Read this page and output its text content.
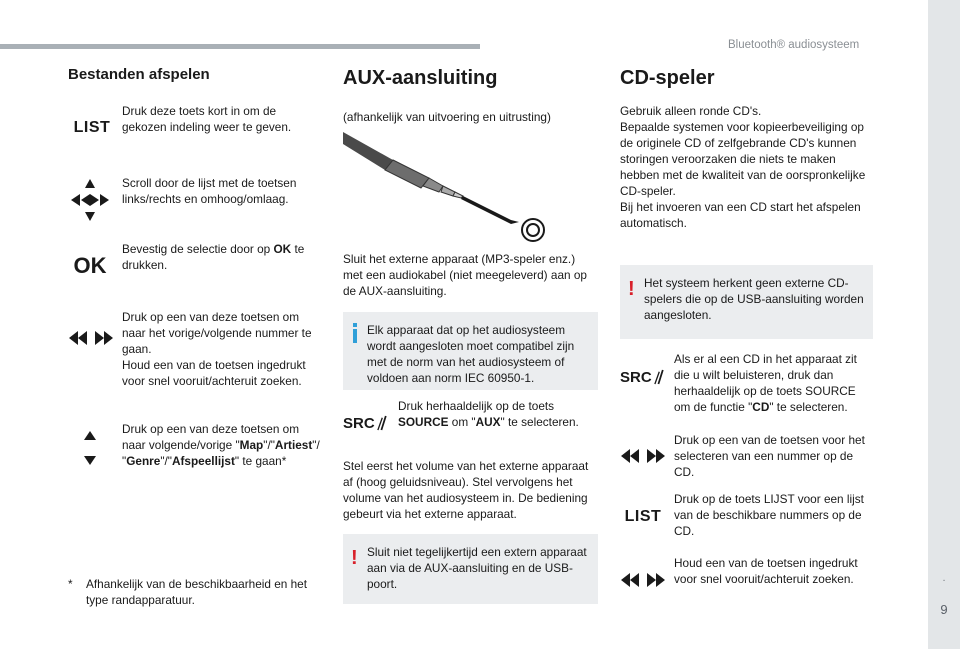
Bluetooth® audiosysteem
.
9
Bestanden afspelen
LIST
Druk deze toets kort in om de gekozen indeling weer te geven.
Scroll door de lijst met de toetsen links/rechts en omhoog/omlaag.
OK
Bevestig de selectie door op OK te drukken.
Druk op een van deze toetsen om naar het vorige/volgende nummer te gaan.
Houd een van de toetsen ingedrukt voor snel vooruit/achteruit zoeken.
Druk op een van deze toetsen om naar volgende/vorige "Map"/"Artiest"/ "Genre"/"Afspeellijst" te gaan*
*	Afhankelijk van de beschikbaarheid en het type randapparatuur.
AUX-aansluiting
(afhankelijk van uitvoering en uitrusting)
Sluit het externe apparaat (MP3-speler enz.) met een audiokabel (niet meegeleverd) aan op de AUX-aansluiting.
Elk apparaat dat op het audiosysteem wordt aangesloten moet compatibel zijn met de norm van het audiosysteem of voldoen aan norm IEC 60950-1.
SRC
Druk herhaaldelijk op de toets SOURCE om "AUX" te selecteren.
Stel eerst het volume van het externe apparaat af (hoog geluidsniveau). Stel vervolgens het volume van het audiosysteem in. De bediening gebeurt via het externe apparaat.
! Sluit niet tegelijkertijd een extern apparaat aan via de AUX-aansluiting en de USB-poort.
CD-speler
Gebruik alleen ronde CD's.
Bepaalde systemen voor kopieerbeveiliging op de originele CD of zelfgebrande CD's kunnen storingen veroorzaken die niets te maken hebben met de kwaliteit van de oorspronkelijke CD-speler.
Bij het invoeren van een CD start het afspelen automatisch.
! Het systeem herkent geen externe CD-spelers die op de USB-aansluiting worden aangesloten.
SRC
Als er al een CD in het apparaat zit die u wilt beluisteren, druk dan herhaaldelijk op de toets SOURCE om de functie "CD" te selecteren.
Druk op een van de toetsen voor het selecteren van een nummer op de CD.
LIST
Druk op de toets LIJST voor een lijst van de beschikbare nummers op de CD.
Houd een van de toetsen ingedrukt voor snel vooruit/achteruit zoeken.
